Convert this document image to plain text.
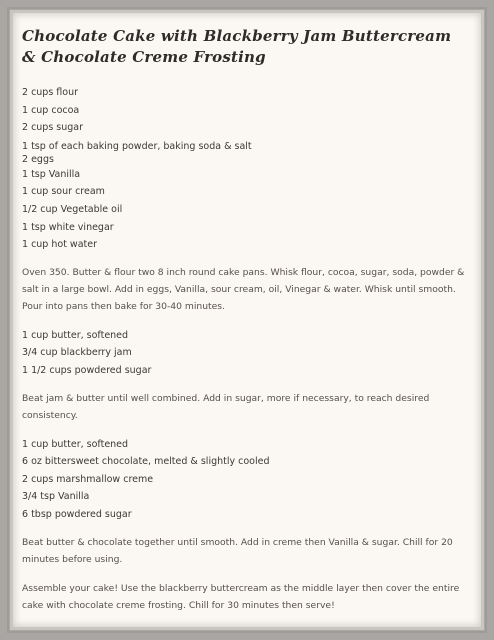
Chocolate Cake with Blackberry Jam Buttercream
& Chocolate Creme Frosting
2 cups flour
1 cup cocoa
2 cups sugar
1 tsp of each baking powder, baking soda & salt
2 eggs
1 tsp Vanilla
1 cup sour cream
1/2 cup Vegetable oil
1 tsp white vinegar
1 cup hot water

Oven 350. Butter & flour two 8 inch round cake pans. Whisk flour, cocoa, sugar, soda, powder & salt in a large bowl. Add in eggs, Vanilla, sour cream, oil, Vinegar & water. Whisk until smooth. Pour into pans then bake for 30-40 minutes.

1 cup butter, softened
3/4 cup blackberry jam
1 1/2 cups powdered sugar

Beat jam & butter until well combined. Add in sugar, more if necessary, to reach desired consistency.

1 cup butter, softened
6 oz bittersweet chocolate, melted & slightly cooled
2 cups marshmallow creme
3/4 tsp Vanilla
6 tbsp powdered sugar

Beat butter & chocolate together until smooth. Add in creme then Vanilla & sugar. Chill for 20 minutes before using.

Assemble your cake! Use the blackberry buttercream as the middle layer then cover the entire cake with chocolate creme frosting. Chill for 30 minutes then serve!
